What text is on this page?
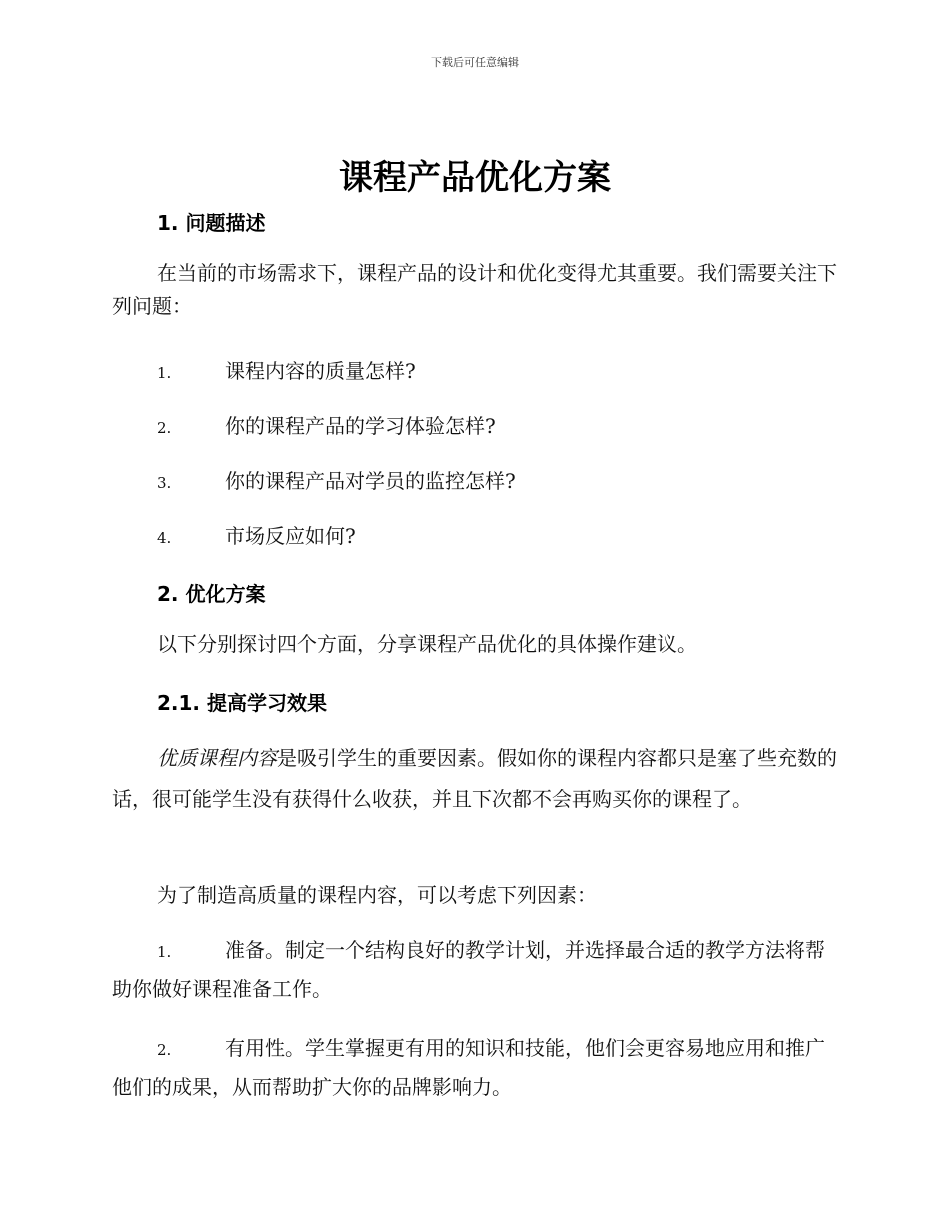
下载后可任意编辑
课程产品优化方案
1. 问题描述

在当前的市场需求下，课程产品的设计和优化变得尤其重要。我们需要关注下列问题：

1.	课程内容的质量怎样?
2.	你的课程产品的学习体验怎样?
3.	你的课程产品对学员的监控怎样?
4.	市场反应如何?
2. 优化方案

以下分别探讨四个方面，分享课程产品优化的具体操作建议。

2.1. 提高学习效果

优质课程内容是吸引学生的重要因素。假如你的课程内容都只是塞了些充数的话，很可能学生没有获得什么收获，并且下次都不会再购买你的课程了。

为了制造高质量的课程内容，可以考虑下列因素：

1.	准备。制定一个结构良好的教学计划，并选择最合适的教学方法将帮助你做好课程准备工作。

2.	有用性。学生掌握更有用的知识和技能，他们会更容易地应用和推广他们的成果，从而帮助扩大你的品牌影响力。
